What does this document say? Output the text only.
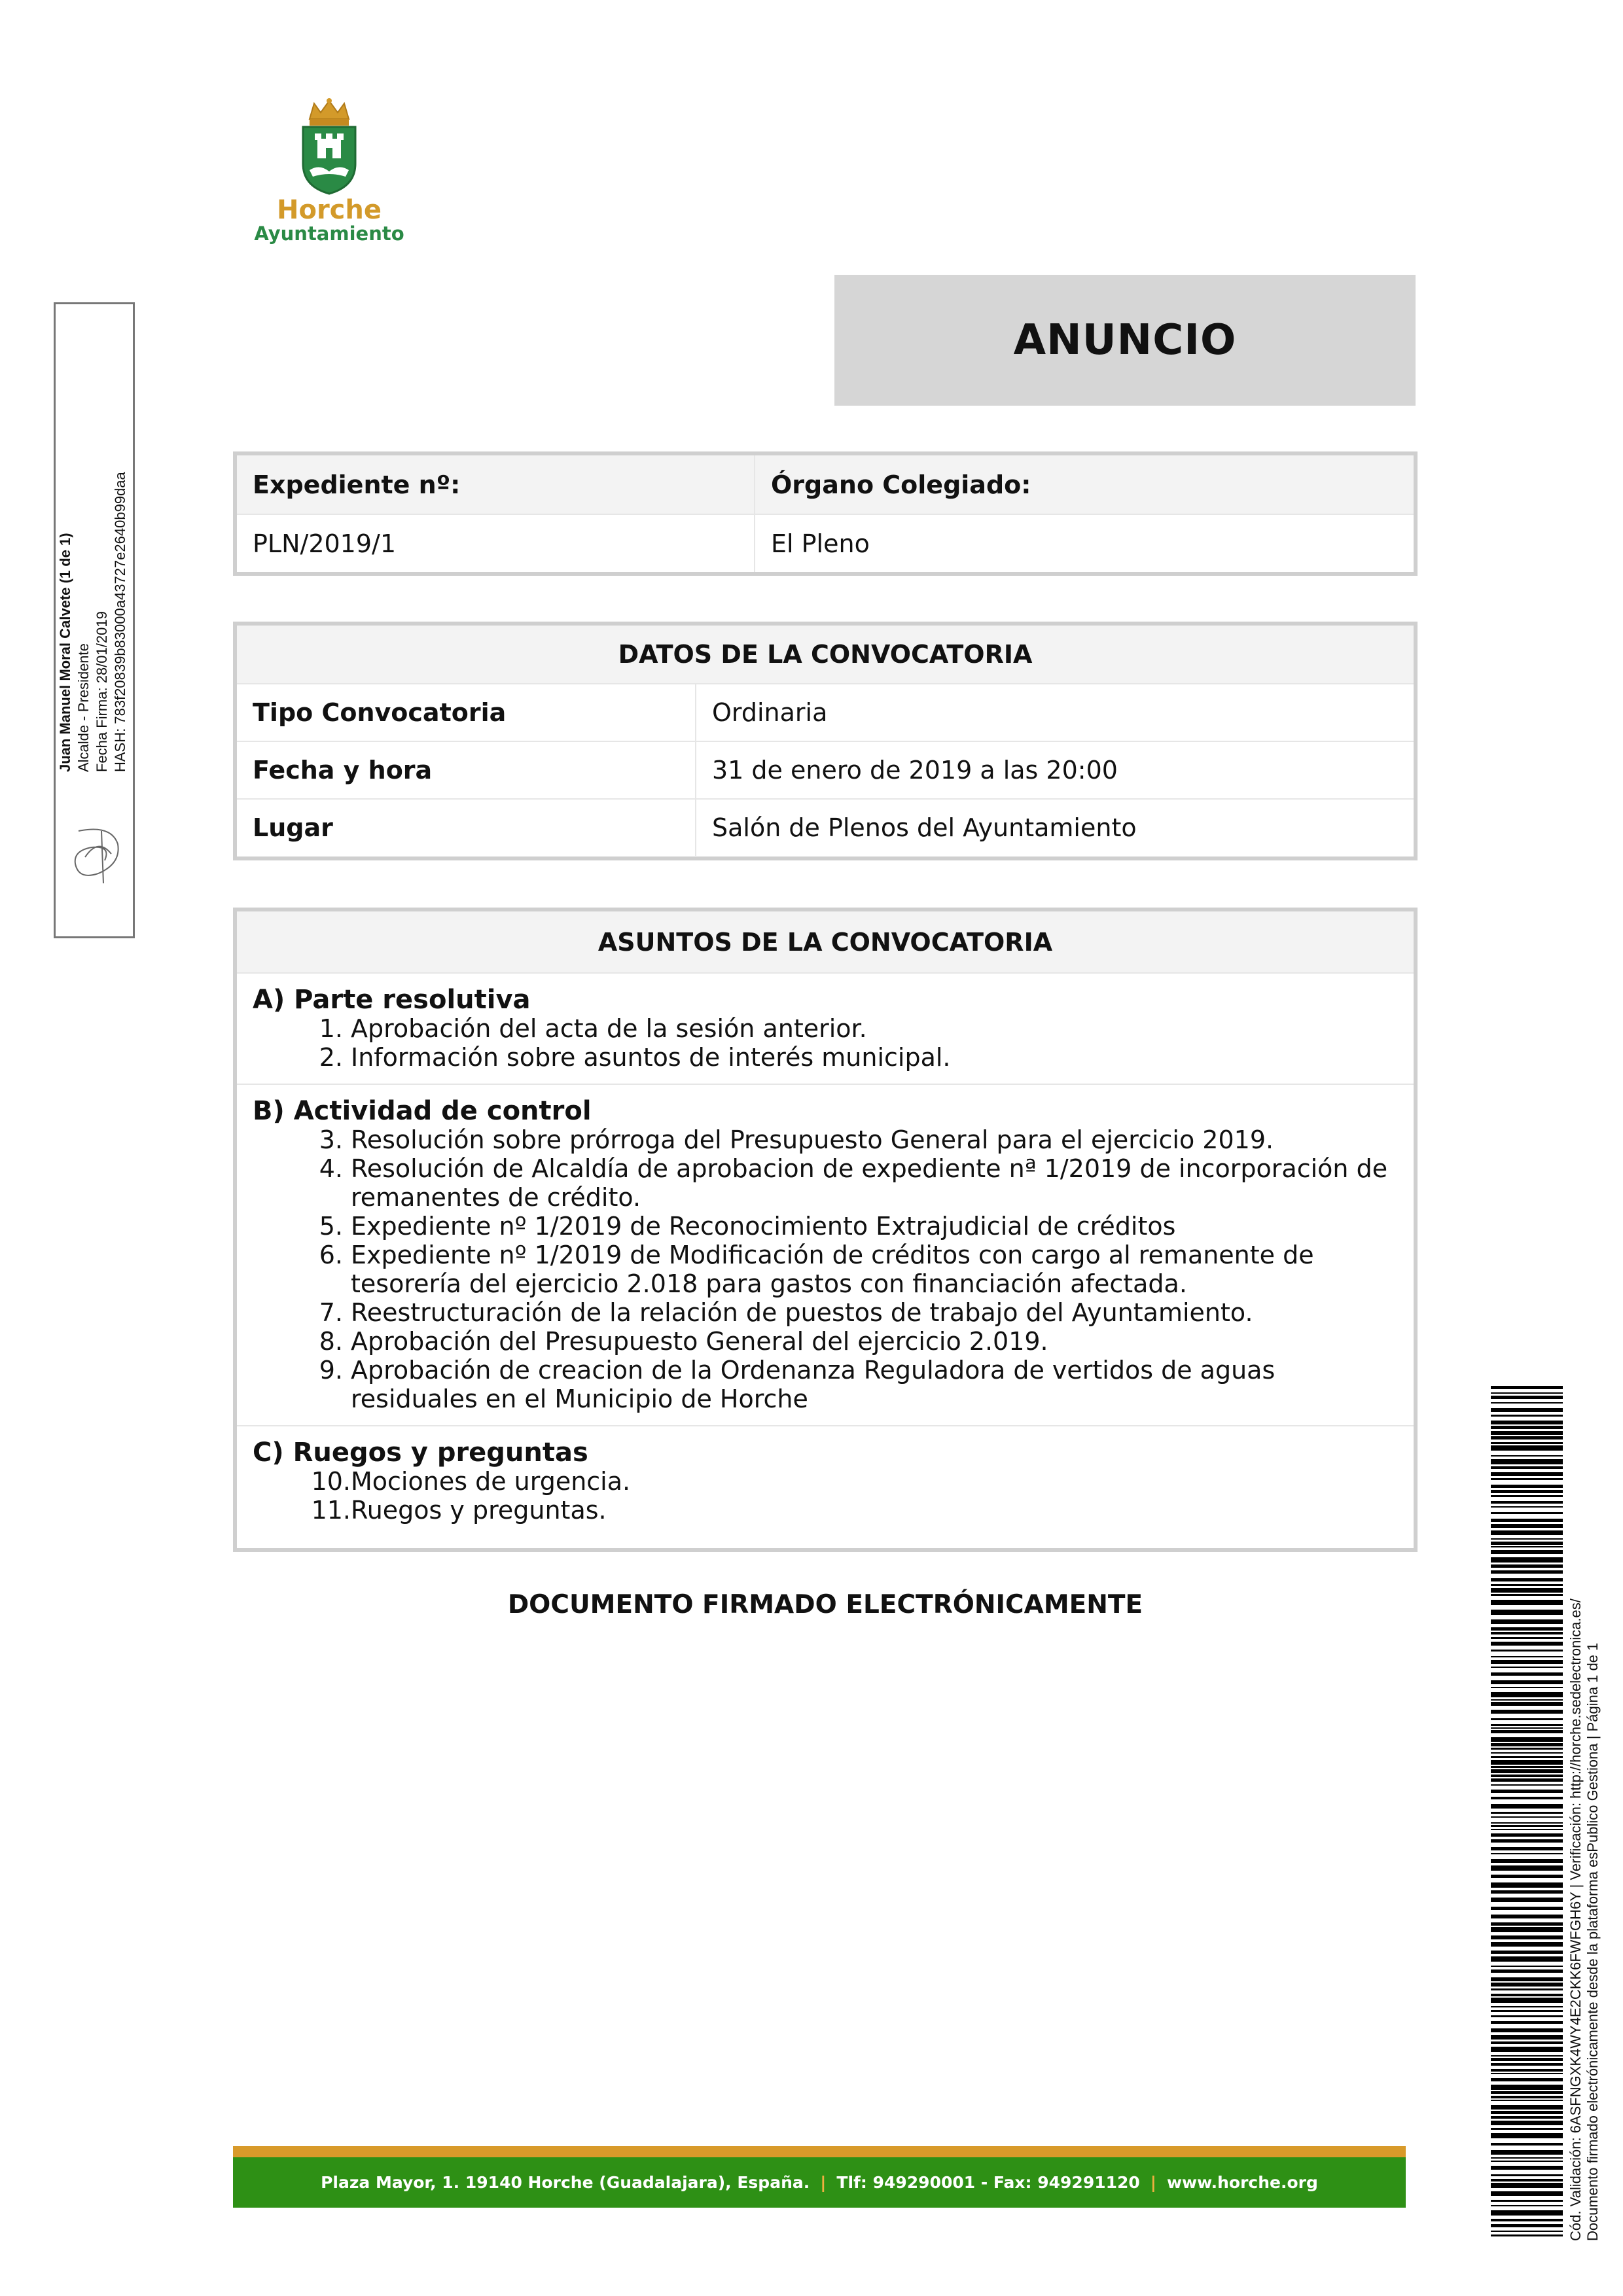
Horche
Ayuntamiento
ANUNCIO
Expediente nº:	Órgano Colegiado:
PLN/2019/1	El Pleno
DATOS DE LA CONVOCATORIA
Tipo Convocatoria	Ordinaria
Fecha y hora	31 de enero de 2019 a las 20:00
Lugar	Salón de Plenos del Ayuntamiento
ASUNTOS DE LA CONVOCATORIA
A) Parte resolutiva
1. Aprobación del acta de la sesión anterior.
2. Información sobre asuntos de interés municipal.
B) Actividad de control
3. Resolución sobre prórroga del Presupuesto General para el ejercicio 2019.
4. Resolución de Alcaldía de aprobacion de expediente nª 1/2019 de incorporación de
remanentes de crédito.
5. Expediente nº 1/2019 de Reconocimiento Extrajudicial de créditos
6. Expediente nº 1/2019 de Modificación de créditos con cargo al remanente de
tesorería del ejercicio 2.018 para gastos con financiación afectada.
7. Reestructuración de la relación de puestos de trabajo del Ayuntamiento.
8. Aprobación del Presupuesto General del ejercicio 2.019.
9. Aprobación de creacion de la Ordenanza Reguladora de vertidos de aguas
residuales en el Municipio de Horche
C) Ruegos y preguntas
10. Mociones de urgencia.
11. Ruegos y preguntas.
DOCUMENTO FIRMADO ELECTRÓNICAMENTE
Plaza Mayor, 1. 19140 Horche (Guadalajara), España. | Tlf: 949290001 - Fax: 949291120 | www.horche.org
Juan Manuel Moral Calvete (1 de 1) Alcalde - Presidente Fecha Firma: 28/01/2019 HASH: 783f20839b83000a43727e2640b99daa
Cód. Validación: 6ASFNGXK4WY4E2CKK6FWFGH6Y | Verificación: http://horche.sedelectronica.es/ Documento firmado electrónicamente desde la plataforma esPublico Gestiona | Página 1 de 1
